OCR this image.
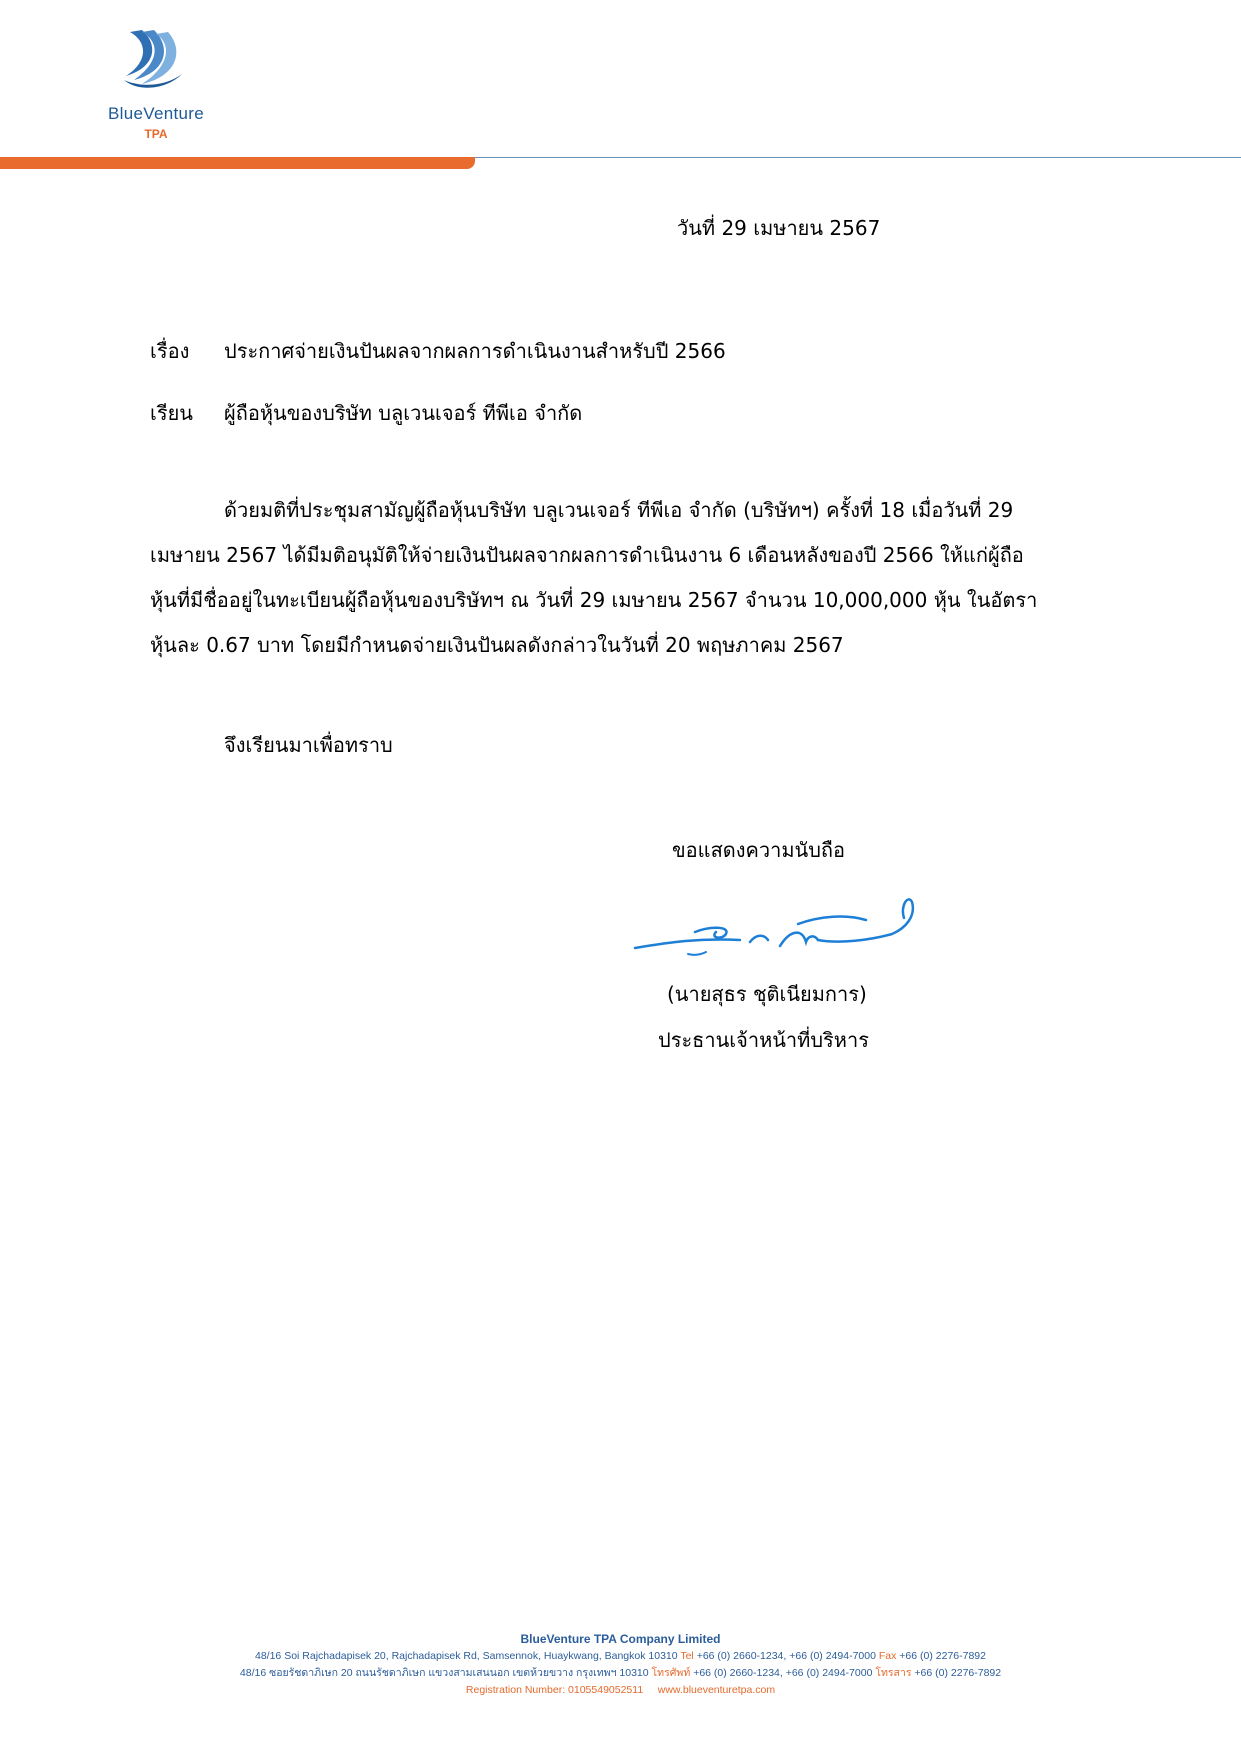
BlueVenture
TPA
วันที่ 29 เมษายน 2567
เรื่อง ประกาศจ่ายเงินปันผลจากผลการดำเนินงานสำหรับปี 2566
เรียน ผู้ถือหุ้นของบริษัท บลูเวนเจอร์ ทีพีเอ จำกัด

ด้วยมติที่ประชุมสามัญผู้ถือหุ้นบริษัท บลูเวนเจอร์ ทีพีเอ จำกัด (บริษัทฯ) ครั้งที่ 18 เมื่อวันที่ 29

เมษายน 2567 ได้มีมติอนุมัติให้จ่ายเงินปันผลจากผลการดำเนินงาน 6 เดือนหลังของปี 2566 ให้แก่ผู้ถือ

หุ้นที่มีชื่ออยู่ในทะเบียนผู้ถือหุ้นของบริษัทฯ ณ วันที่ 29 เมษายน 2567 จำนวน 10,000,000 หุ้น ในอัตรา

หุ้นละ 0.67 บาท โดยมีกำหนดจ่ายเงินปันผลดังกล่าวในวันที่ 20 พฤษภาคม 2567

จึงเรียนมาเพื่อทราบ
ขอแสดงความนับถือ
(นายสุธร ชุติเนียมการ)
ประธานเจ้าหน้าที่บริหาร
BlueVenture TPA Company Limited
48/16 Soi Rajchadapisek 20, Rajchadapisek Rd, Samsennok, Huaykwang, Bangkok 10310 Tel +66 (0) 2660-1234, +66 (0) 2494-7000 Fax +66 (0) 2276-7892
48/16 ซอยรัชดาภิเษก 20 ถนนรัชดาภิเษก แขวงสามเสนนอก เขตห้วยขวาง กรุงเทพฯ 10310 โทรศัพท์ +66 (0) 2660-1234, +66 (0) 2494-7000 โทรสาร +66 (0) 2276-7892
Registration Number: 0105549052511 www.blueventuretpa.com
